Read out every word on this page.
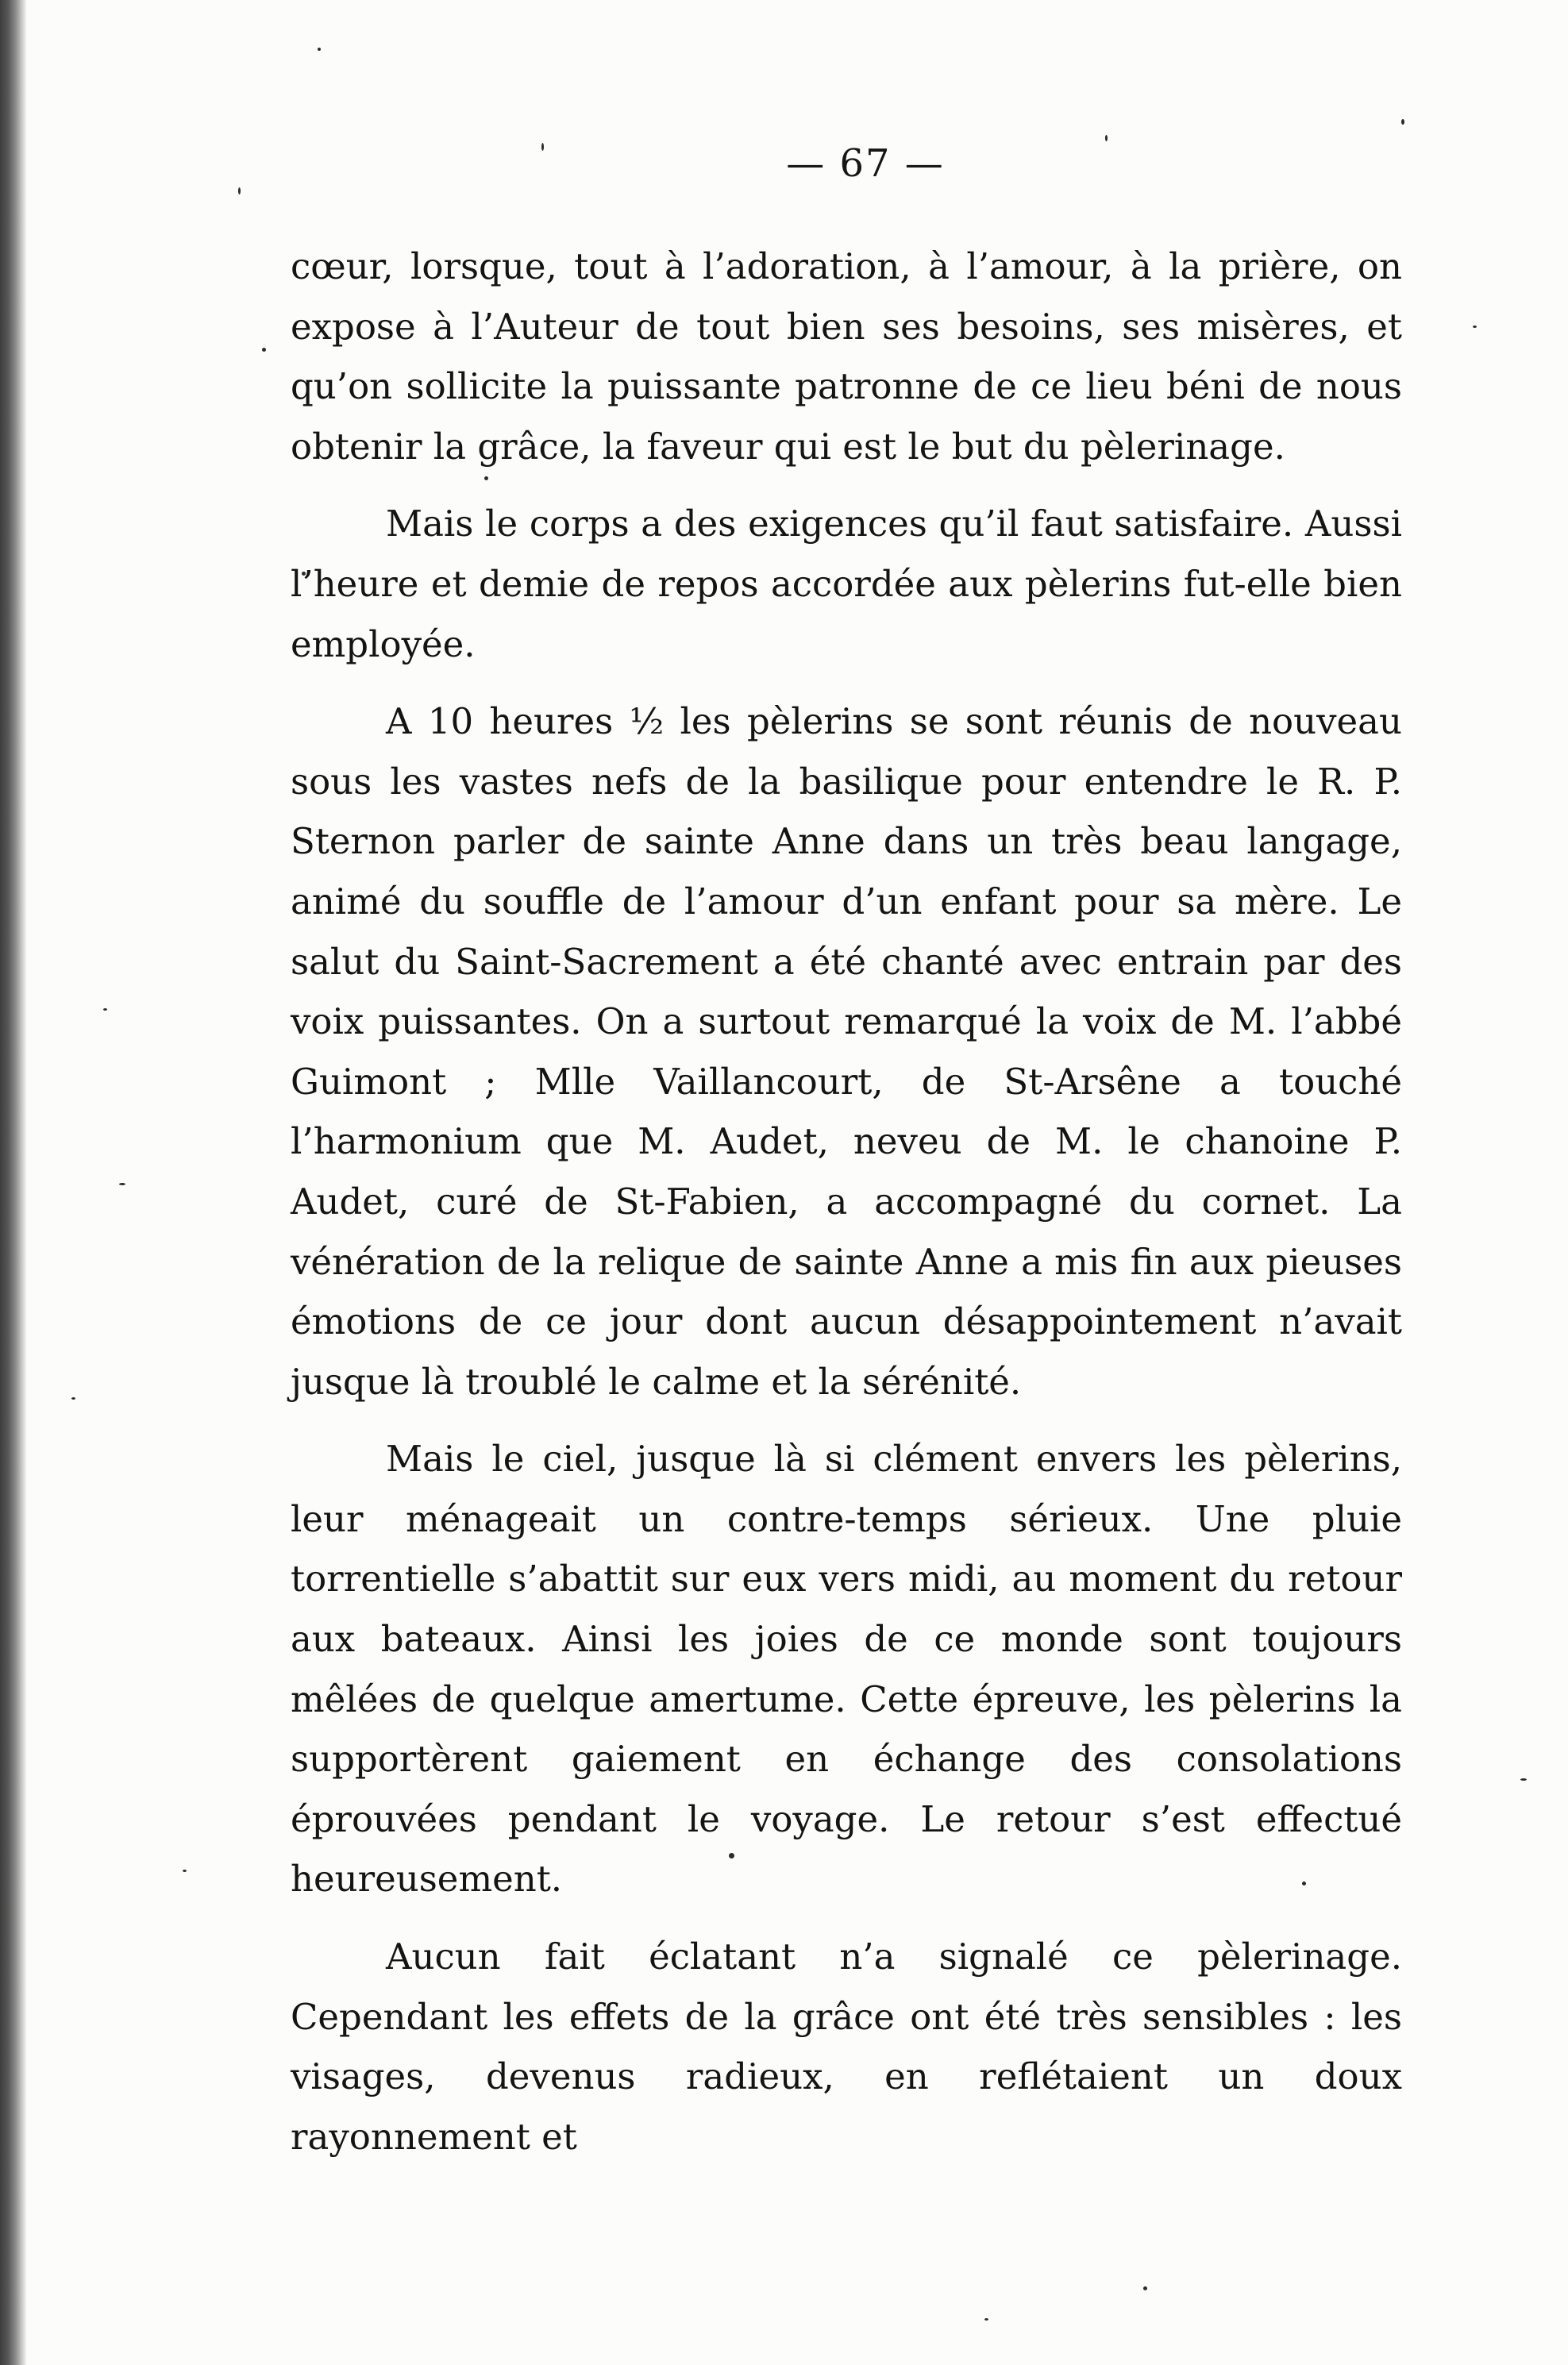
— 67 —

cœur, lorsque, tout à l’adoration, à l’amour, à la prière, on expose à l’Auteur de tout bien ses besoins, ses misères, et qu’on sollicite la puissante patronne de ce lieu béni de nous obtenir la grâce, la faveur qui est le but du pèlerinage.

Mais le corps a des exigences qu’il faut satisfaire. Aussi l’heure et demie de repos accordée aux pèlerins fut-elle bien employée.

A 10 heures ½ les pèlerins se sont réunis de nouveau sous les vastes nefs de la basilique pour entendre le R. P. Sternon parler de sainte Anne dans un très beau langage, animé du souffle de l’amour d’un enfant pour sa mère. Le salut du Saint-Sacrement a été chanté avec entrain par des voix puissantes. On a surtout remarqué la voix de M. l’abbé Guimont ; Mlle Vaillancourt, de St-Arsêne a touché l’harmonium que M. Audet, neveu de M. le chanoine P. Audet, curé de St-Fabien, a accompagné du cornet. La vénération de la relique de sainte Anne a mis fin aux pieuses émotions de ce jour dont aucun désappointement n’avait jusque là troublé le calme et la sérénité.

Mais le ciel, jusque là si clément envers les pèlerins, leur ménageait un contre-temps sérieux. Une pluie torrentielle s’abattit sur eux vers midi, au moment du retour aux bateaux. Ainsi les joies de ce monde sont toujours mêlées de quelque amertume. Cette épreuve, les pèlerins la supportèrent gaiement en échange des consolations éprouvées pendant le voyage. Le retour s’est effectué heureusement.

Aucun fait éclatant n’a signalé ce pèlerinage. Cependant les effets de la grâce ont été très sensibles : les visages, devenus radieux, en reflétaient un doux rayonnement et
